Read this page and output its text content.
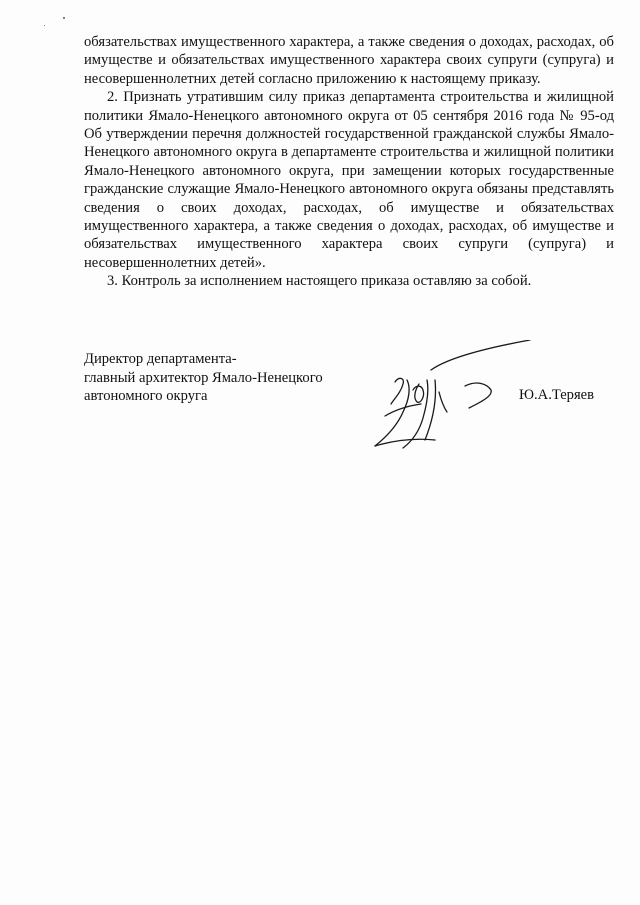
обязательствах имущественного характера, а также сведения о доходах, расходах, об имуществе и обязательствах имущественного характера своих супруги (супруга) и несовершеннолетних детей согласно приложению к настоящему приказу.

2. Признать утратившим силу приказ департамента строительства и жилищной политики Ямало-Ненецкого автономного округа от 05 сентября 2016 года № 95-од Об утверждении перечня должностей государственной гражданской службы Ямало-Ненецкого автономного округа в департаменте строительства и жилищной политики Ямало-Ненецкого автономного округа, при замещении которых государственные гражданские служащие Ямало-Ненецкого автономного округа обязаны представлять сведения о своих доходах, расходах, об имуществе и обязательствах имущественного характера, а также сведения о доходах, расходах, об имуществе и обязательствах имущественного характера своих супруги (супруга) и несовершеннолетних детей».

3. Контроль за исполнением настоящего приказа оставляю за собой.

Директор департамента-
главный архитектор Ямало-Ненецкого
автономного округа	Ю.А.Теряев
